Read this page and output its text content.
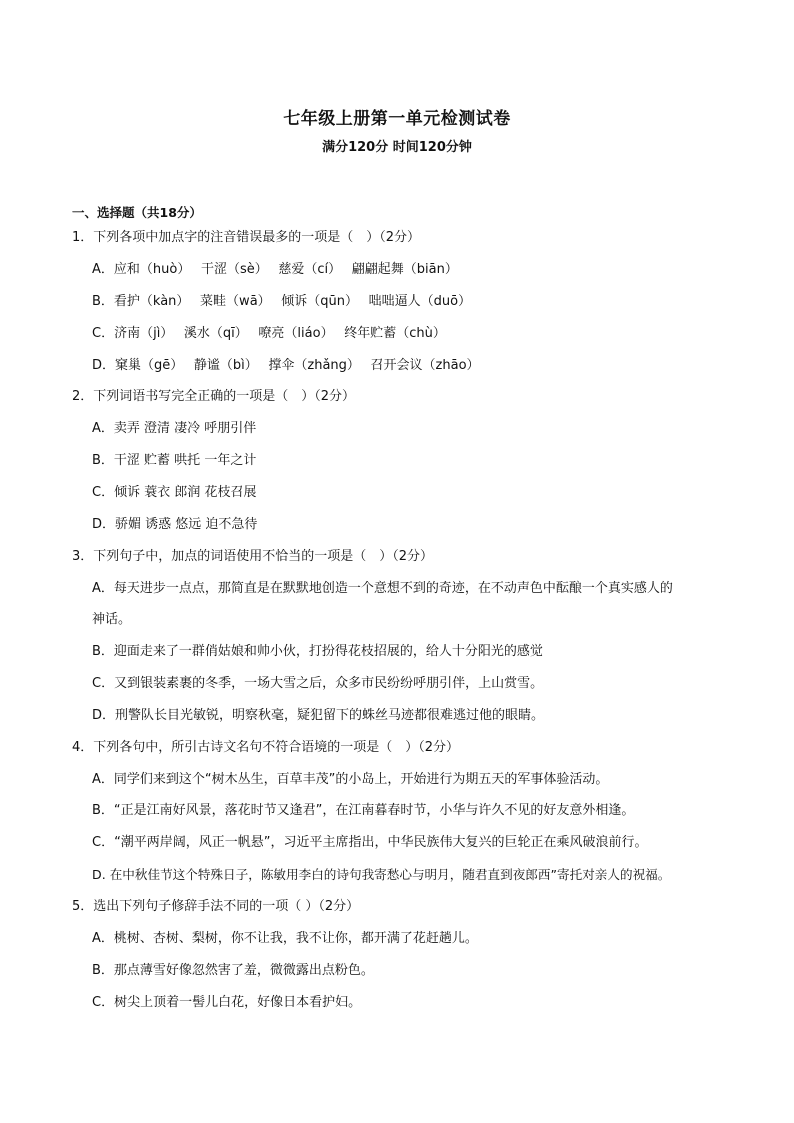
七年级上册第一单元检测试卷
满分120分 时间120分钟
一、选择题（共18分）
1．下列各项中加点字的注音错误最多的一项是（　）（2分）
A．应和（huò）　 干涩（sè）　 慈爱（cí）　 翩翩起舞（biān）
B．看护（kàn）　 菜畦（wā）　 倾诉（qūn）　 咄咄逼人（duō）
C．济南（jì）　 溪水（qī）　 嘹亮（liáo）　 终年贮蓄（chù）
D．窠巢（gē）　 静谧（bì）　 撑伞（zhǎng）　 召开会议（zhāo）
2．下列词语书写完全正确的一项是（　）（2分）
A．卖弄 澄清 凄冷 呼朋引伴
B．干涩 贮蓄 哄托 一年之计
C．倾诉 蓑衣 郎润 花枝召展
D．骄媚 诱惑 悠远 迫不急待
3．下列句子中，加点的词语使用不恰当的一项是（　）（2分）
A．每天进步一点点，那简直是在默默地创造一个意想不到的奇迹，在不动声色中酝酿一个真实感人的
神话。
B．迎面走来了一群俏姑娘和帅小伙，打扮得花枝招展的，给人十分阳光的感觉
C．又到银装素裹的冬季，一场大雪之后，众多市民纷纷呼朋引伴，上山赏雪。
D．刑警队长目光敏锐，明察秋毫，疑犯留下的蛛丝马迹都很难逃过他的眼睛。
4．下列各句中，所引古诗文名句不符合语境的一项是（　）（2分）
A．同学们来到这个“树木丛生，百草丰茂”的小岛上，开始进行为期五天的军事体验活动。
B．“正是江南好风景，落花时节又逢君”，在江南暮春时节，小华与许久不见的好友意外相逢。
C．“潮平两岸阔，风正一帆悬”，习近平主席指出，中华民族伟大复兴的巨轮正在乘风破浪前行。
D. 在中秋佳节这个特殊日子，陈敏用李白的诗句我寄愁心与明月，随君直到夜郎西”寄托对亲人的祝福。
5．选出下列句子修辞手法不同的一项（ ）（2分）
A．桃树、杏树、梨树，你不让我，我不让你，都开满了花赶趟儿。
B．那点薄雪好像忽然害了羞，微微露出点粉色。
C．树尖上顶着一髻儿白花，好像日本看护妇。
